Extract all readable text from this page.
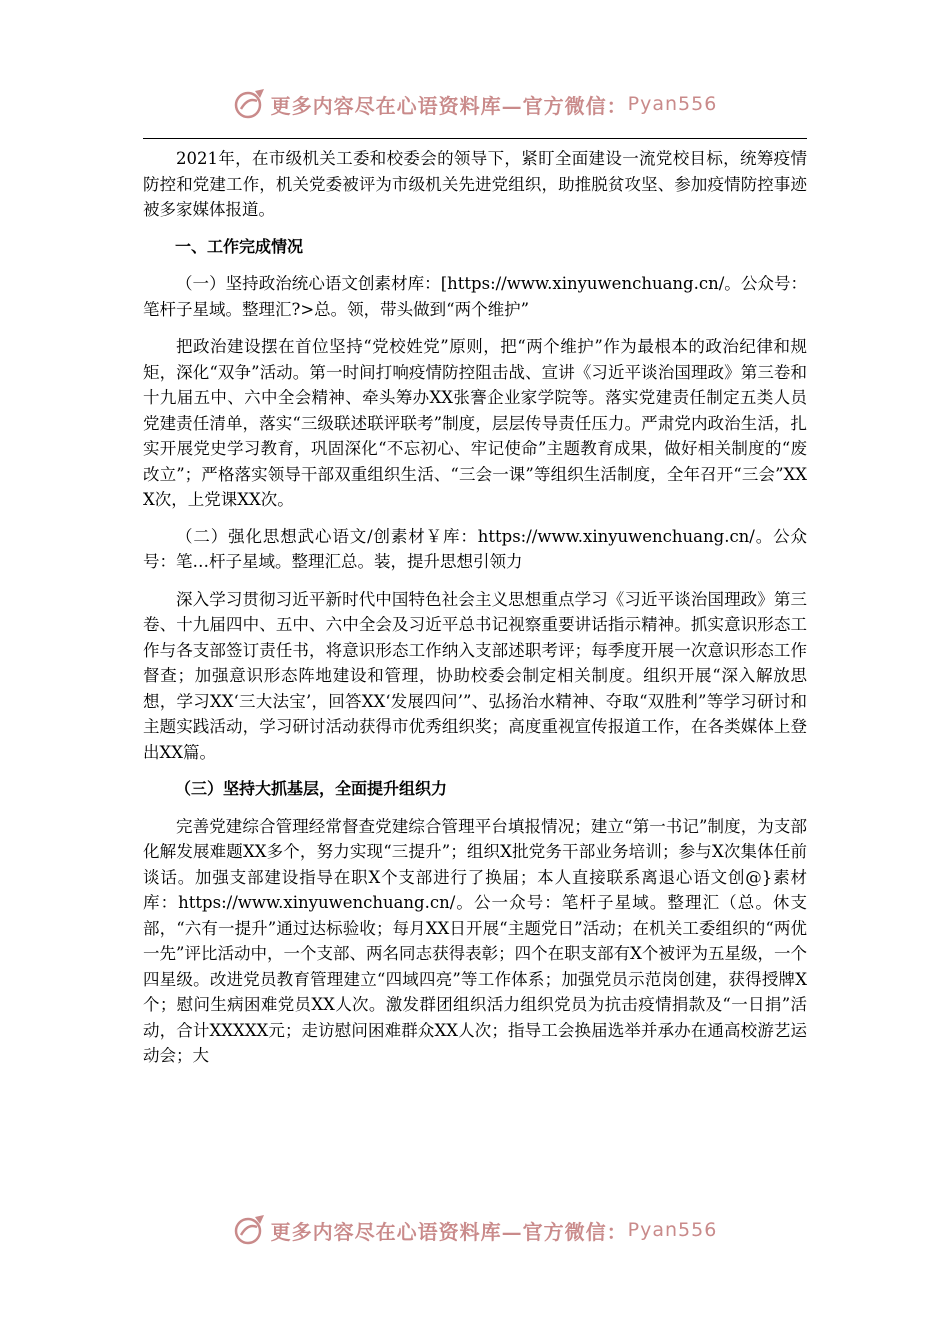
更多内容尽在心语资料库—官方微信： Pyan556

2021年，在市级机关工委和校委会的领导下，紧盯全面建设一流党校目标，统筹疫情防控和党建工作，机关党委被评为市级机关先进党组织，助推脱贫攻坚、参加疫情防控事迹被多家媒体报道。

一、工作完成情况

（一）坚持政治统心语文创素材库：[https://www.xinyuwenchuang.cn/。公众号：笔杆子星域。整理汇?>总。领，带头做到“两个维护”

把政治建设摆在首位坚持“党校姓党”原则，把“两个维护”作为最根本的政治纪律和规矩，深化“双争”活动。第一时间打响疫情防控阻击战、宣讲《习近平谈治国理政》第三卷和十九届五中、六中全会精神、牵头筹办XX张謇企业家学院等。落实党建责任制定五类人员党建责任清单，落实“三级联述联评联考”制度，层层传导责任压力。严肃党内政治生活，扎实开展党史学习教育，巩固深化“不忘初心、牢记使命”主题教育成果，做好相关制度的“废改立”；严格落实领导干部双重组织生活、“三会一课”等组织生活制度，全年召开“三会”XXX次，上党课XX次。

（二）强化思想武心语文/创素材￥库：https://www.xinyuwenchuang.cn/。公众号：笔…杆子星域。整理汇总。装，提升思想引领力

深入学习贯彻习近平新时代中国特色社会主义思想重点学习《习近平谈治国理政》第三卷、十九届四中、五中、六中全会及习近平总书记视察重要讲话指示精神。抓实意识形态工作与各支部签订责任书，将意识形态工作纳入支部述职考评；每季度开展一次意识形态工作督查；加强意识形态阵地建设和管理，协助校委会制定相关制度。组织开展“深入解放思想，学习XX‘三大法宝’，回答XX‘发展四问’”、弘扬治水精神、夺取“双胜利”等学习研讨和主题实践活动，学习研讨活动获得市优秀组织奖；高度重视宣传报道工作，在各类媒体上登出XX篇。

（三）坚持大抓基层，全面提升组织力

完善党建综合管理经常督查党建综合管理平台填报情况；建立“第一书记”制度，为支部化解发展难题XX多个，努力实现“三提升”；组织X批党务干部业务培训；参与X次集体任前谈话。加强支部建设指导在职X个支部进行了换届；本人直接联系离退心语文创@}素材库：https://www.xinyuwenchuang.cn/。公一众号：笔杆子星域。整理汇（总。休支部，“六有一提升”通过达标验收；每月XX日开展“主题党日”活动；在机关工委组织的“两优一先”评比活动中，一个支部、两名同志获得表彰；四个在职支部有X个被评为五星级，一个四星级。改进党员教育管理建立“四域四亮”等工作体系；加强党员示范岗创建，获得授牌X个；慰问生病困难党员XX人次。激发群团组织活力组织党员为抗击疫情捐款及“一日捐”活动，合计XXXXX元；走访慰问困难群众XX人次；指导工会换届选举并承办在通高校游艺运动会；大

更多内容尽在心语资料库—官方微信： Pyan556
